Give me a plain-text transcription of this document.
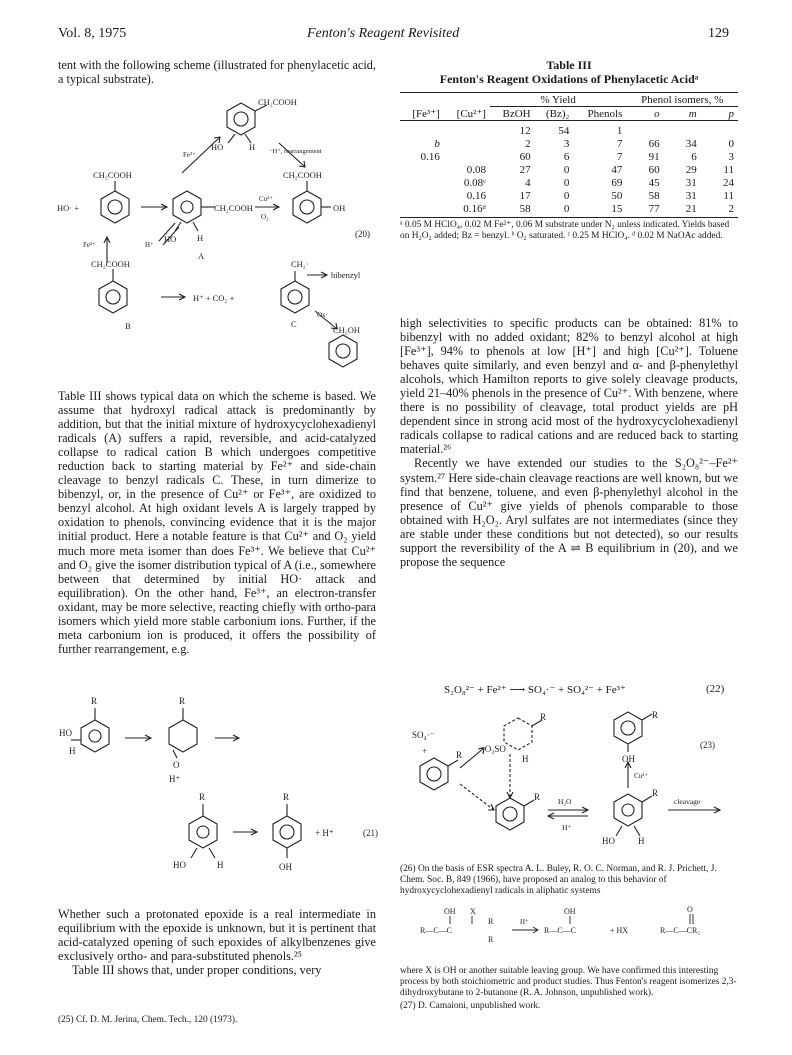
Vol. 8, 1975	Fenton's Reagent Revisited	129

tent with the following scheme (illustrated for phenylacetic acid, a typical substrate).

CH₂COOH
HO	H
Fe³⁺	−H⁺, rearrangement
CH₂COOH
HO· +	CH₂COOH
HO H
A
Cu²⁺
O₂
CH₂COOH
OH
Fe²⁺	H⁺
CH₂COOH
B
H⁺ + CO₂ +
CH₂·
bibenzyl
C
Ox·
CH₂OH
(20)

Table III shows typical data on which the scheme is based. We assume that hydroxyl radical attack is predominantly by addition, but that the initial mixture of hydroxycyclohexadienyl radicals (A) suffers a rapid, reversible, and acid-catalyzed collapse to radical cation B which undergoes competitive reduction back to starting material by Fe²⁺ and side-chain cleavage to benzyl radicals C. These, in turn dimerize to bibenzyl, or, in the presence of Cu²⁺ or Fe³⁺, are oxidized to benzyl alcohol. At high oxidant levels A is largely trapped by oxidation to phenols, convincing evidence that it is the major initial product. Here a notable feature is that Cu²⁺ and O₂ yield much more meta isomer than does Fe³⁺. We believe that Cu²⁺ and O₂ give the isomer distribution typical of A (i.e., somewhere between that determined by initial HO· attack and equilibration). On the other hand, Fe³⁺, an electron-transfer oxidant, may be more selective, reacting chiefly with ortho-para isomers which yield more stable carbonium ions. Further, if the meta carbonium ion is produced, it offers the possibility of further rearrangement, e.g.

R
HO
H
R
O
H⁺
R
HO	H
R
OH
+ H⁺	(21)

Whether such a protonated epoxide is a real intermediate in equilibrium with the epoxide is unknown, but it is pertinent that acid-catalyzed opening of such epoxides of alkylbenzenes give exclusively ortho- and para-substituted phenols.²⁵

Table III shows that, under proper conditions, very

(25) Cf. D. M. Jerina, Chem. Tech., 120 (1973).
Table III
Fenton's Reagent Oxidations of Phenylacetic Acidᵃ
		% Yield			Phenol isomers, %		
[Fe³⁺]	[Cu²⁺]	BzOH	(Bz)₂	Phenols	o	m	p
		12	54	1			
b		2	3	7	66	34	0
0.16		60	6	7	91	6	3
	0.08	27	0	47	60	29	11
	0.08ᶜ	4	0	69	45	31	24
	0.16	17	0	50	58	31	11
	0.16ᵈ	58	0	15	77	21	2
ᵃ 0.05 M HClO₄, 0.02 M Fe²⁺, 0.06 M substrate under N₂ unless indicated. Yields based on H₂O₂ added; Bz = benzyl. ᵇ O₂ saturated. ᶜ 0.25 M HClO₄. ᵈ 0.02 M NaOAc added.

high selectivities to specific products can be obtained: 81% to bibenzyl with no added oxidant; 82% to benzyl alcohol at high [Fe³⁺], 94% to phenols at low [H⁺] and high [Cu²⁺]. Toluene behaves quite similarly, and even benzyl and α- and β-phenylethyl alcohols, which Hamilton reports to give solely cleavage products, yield 21–40% phenols in the presence of Cu²⁺. With benzene, where there is no possibility of cleavage, total product yields are pH dependent since in strong acid most of the hydroxycyclohexadienyl radicals collapse to radical cations and are reduced back to starting material.²⁶

Recently we have extended our studies to the S₂O₈²⁻–Fe²⁺ system.²⁷ Here side-chain cleavage reactions are well known, but we find that benzene, toluene, and even β-phenylethyl alcohol in the presence of Cu²⁺ give yields of phenols comparable to those obtained with H₂O₂. Aryl sulfates are not intermediates (since they are stable under these conditions but not detected), so our results support the reversibility of the A ⇌ B equilibrium in (20), and we propose the sequence

S₂O₈²⁻ + Fe²⁺ ⟶ SO₄·⁻ + SO₄²⁻ + Fe³⁺	(22)
SO₄·⁻
+	R
⁻O₃SO
R
H
R H₂O
H⁺
R
HO	H
Cu²⁺
R
OH
(23)
cleavage
(26) On the basis of ESR spectra A. L. Buley, R. O. C. Norman, and R. J. Prichett, J. Chem. Soc. B, 849 (1966), have proposed an analog to this behavior of hydroxycyclohexadienyl radicals in aliphatic systems
OH X
R—C—C
R
R
H⁺
OH
R—C—C	+ HX
O
R—C—CR₂

where X is OH or another suitable leaving group. We have confirmed this interesting process by both stoichiometric and product studies. Thus Fenton's reagent isomerizes 2,3-dihydroxybutane to 2-butanone (R. A. Johnson, unpublished work).

(27) D. Camaioni, unpublished work.
